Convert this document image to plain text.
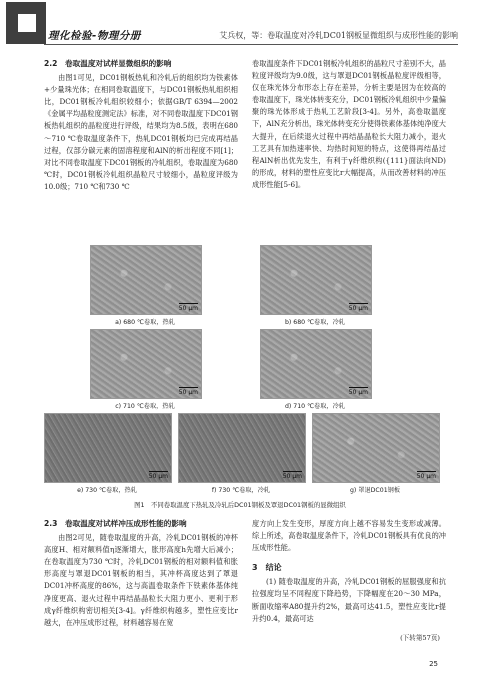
理化检验-物理分册	艾兵权，等：卷取温度对冷轧DC01钢板显微组织与成形性能的影响
2.2　卷取温度对试样显微组织的影响

由图1可见，DC01钢板热轧和冷轧后的组织均为铁素体+少量珠光体；在相同卷取温度下，与DC01钢板热轧组织相比，DC01钢板冷轧组织较细小；依据GB/T 6394—2002《金属平均晶粒度测定法》标准，对不同卷取温度下DC01钢板热轧组织的晶粒度进行评级，结果均为8.5级，表明在680～710 ℃卷取温度条件下，热轧DC01钢板均已完成再结晶过程，仅部分碳元素的固溶程度和AlN的析出程度不同[1]；对比不同卷取温度下DC01钢板的冷轧组织，卷取温度为680 ℃时，DC01钢板冷轧组织晶粒尺寸较细小，晶粒度评级为10.0级；710 ℃和730 ℃

卷取温度条件下DC01钢板冷轧组织的晶粒尺寸差别不大，晶粒度评级均为9.0级，这与罩退DC01钢板晶粒度评级相等，仅在珠光体分布形态上存在差异，分析主要是因为在较高的卷取温度下，珠光体转变充分，DC01钢板冷轧组织中少量偏聚的珠光体形成于热轧工艺阶段[3-4]。另外，高卷取温度下，AlN充分析出，珠光体转变充分使得铁素体基体纯净度大大提升，在后续退火过程中再结晶晶粒长大阻力减小，退火工艺具有加热速率快、均热时间短的特点，这使得再结晶过程AlN析出优先发生，有利于γ纤维织构({111}面法向ND)的形成，材料的塑性应变比r大幅提高，从而改善材料的冲压成形性能[5-6]。

50 μm
a) 680 ℃卷取，热轧
50 μm
b) 680 ℃卷取，冷轧
50 μm
c) 710 ℃卷取，热轧
50 μm
d) 710 ℃卷取，冷轧
50 μm
e) 730 ℃卷取，热轧
50 μm
f) 730 ℃卷取，冷轧
50 μm
g) 罩退DC01钢板
图1　不同卷取温度下热轧及冷轧后DC01钢板及罩退DC01钢板的显微组织
2.3　卷取温度对试样冲压成形性能的影响

由图2可见，随卷取温度的升高，冷轧DC01钢板的冲杯高度H、相对额料值η逐渐增大，胀形高度h先增大后减小；在卷取温度为730 ℃时，冷轧DC01钢板的相对额料值和胀形高度与罩退DC01钢板的相当，其冲杯高度达到了罩退DC01冲杯高度的86%，这与高温卷取条件下铁素体基体纯净度更高、退火过程中再结晶晶粒长大阻力更小、更利于形成γ纤维织构密切相关[3-4]。γ纤维织构越多，塑性应变比r越大，在冲压成形过程，材料越容易在宽

度方向上发生变形，厚度方向上越不容易发生变形或减薄。综上所述，高卷取温度条件下，冷轧DC01钢板具有优良的冲压成形性能。

3　结论

(1) 随卷取温度的升高，冷轧DC01钢板的屈服强度和抗拉强度均呈不同程度下降趋势，下降幅度在20～30 MPa，断面收缩率A80提升约2%，最高可达41.5，塑性应变比r提升约0.4，最高可达

(下转第57页)
25
